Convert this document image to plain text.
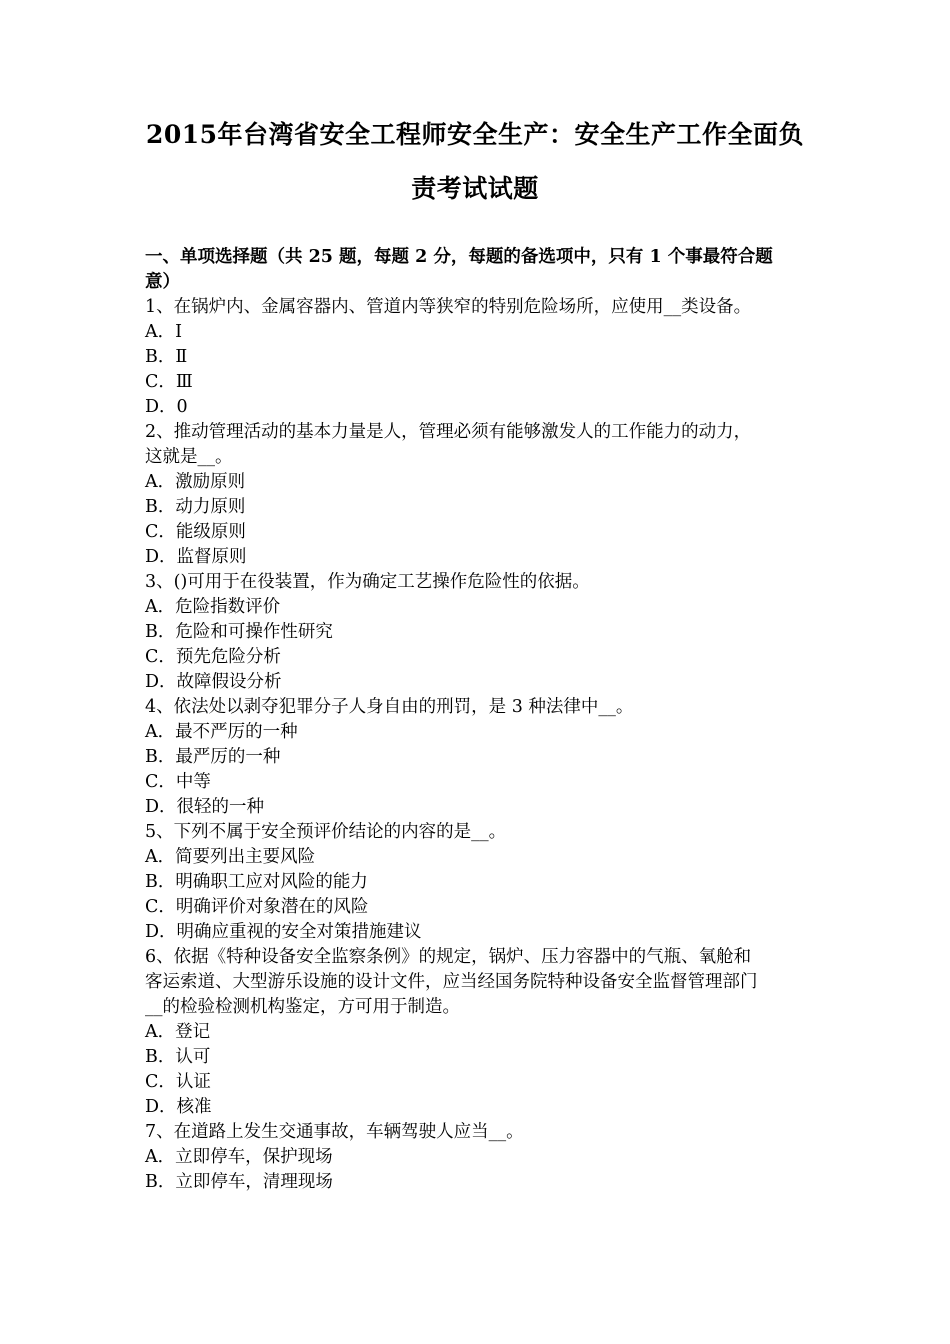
2015年台湾省安全工程师安全生产：安全生产工作全面负
责考试试题
一、单项选择题（共 25 题，每题 2 分，每题的备选项中，只有 1 个事最符合题
意）
1、在锅炉内、金属容器内、管道内等狭窄的特别危险场所，应使用__类设备。
A．Ⅰ
B．Ⅱ
C．Ⅲ
D．0
2、推动管理活动的基本力量是人，管理必须有能够激发人的工作能力的动力，
这就是__。
A．激励原则
B．动力原则
C．能级原则
D．监督原则
3、()可用于在役装置，作为确定工艺操作危险性的依据。
A．危险指数评价
B．危险和可操作性研究
C．预先危险分析
D．故障假设分析
4、依法处以剥夺犯罪分子人身自由的刑罚，是 3 种法律中__。
A．最不严厉的一种
B．最严厉的一种
C．中等
D．很轻的一种
5、下列不属于安全预评价结论的内容的是__。
A．简要列出主要风险
B．明确职工应对风险的能力
C．明确评价对象潜在的风险
D．明确应重视的安全对策措施建议
6、依据《特种设备安全监察条例》的规定，锅炉、压力容器中的气瓶、氧舱和
客运索道、大型游乐设施的设计文件，应当经国务院特种设备安全监督管理部门
__的检验检测机构鉴定，方可用于制造。
A．登记
B．认可
C．认证
D．核准
7、在道路上发生交通事故，车辆驾驶人应当__。
A．立即停车，保护现场
B．立即停车，清理现场
